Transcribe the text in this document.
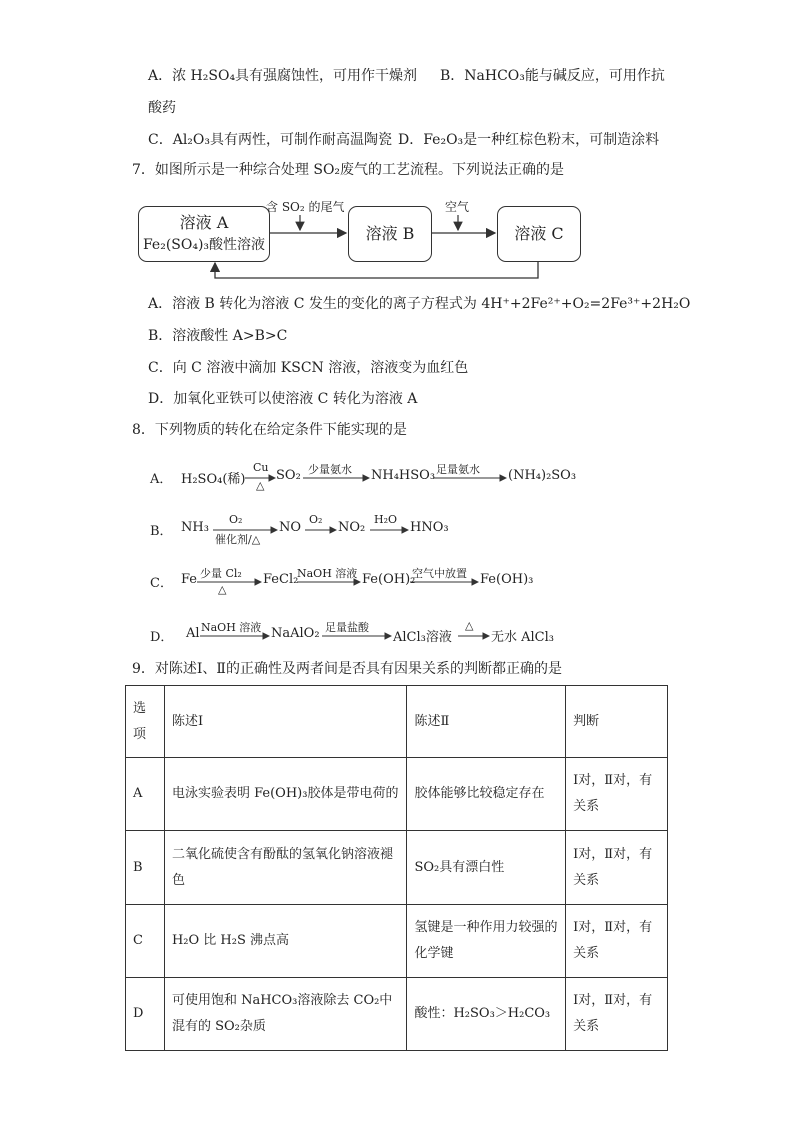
A．浓 H₂SO₄具有强腐蚀性，可用作干燥剂 B．NaHCO₃能与碱反应，可用作抗
酸药
C．Al₂O₃具有两性，可制作耐高温陶瓷 D．Fe₂O₃是一种红棕色粉末，可制造涂料
7．如图所示是一种综合处理 SO₂废气的工艺流程。下列说法正确的是
溶液 A
Fe₂(SO₄)₃酸性溶液
溶液 B	溶液 C
含 SO₂ 的尾气	空气
A．溶液 B 转化为溶液 C 发生的变化的离子方程式为 4H⁺+2Fe²⁺+O₂=2Fe³⁺+2H₂O
B．溶液酸性 A>B>C
C．向 C 溶液中滴加 KSCN 溶液，溶液变为血红色
D．加氧化亚铁可以使溶液 C 转化为溶液 A
8．下列物质的转化在给定条件下能实现的是
A． H₂SO₄(稀)
Cu
△
SO₂ 少量氨水 NH₄HSO₃ 足量氨水 (NH₄)₂SO₃
B． NH₃
O₂
催化剂/△
NO
O₂
NO₂
H₂O
HNO₃
C． Fe 少量 Cl₂
△
FeCl₂
NaOH 溶液 Fe(OH)₂
空气中放置 Fe(OH)₃
D． Al NaOH 溶液 NaAlO₂ 足量盐酸
AlCl₃溶液
△
无水 AlCl₃
9．对陈述Ⅰ、Ⅱ的正确性及两者间是否具有因果关系的判断都正确的是
选项	陈述Ⅰ	陈述Ⅱ	判断
A	电泳实验表明 Fe(OH)₃胶体是带电荷的	胶体能够比较稳定存在	Ⅰ对，Ⅱ对，有关系
B	二氧化硫使含有酚酞的氢氧化钠溶液褪色	SO₂具有漂白性	Ⅰ对，Ⅱ对，有关系
C	H₂O 比 H₂S 沸点高	氢键是一种作用力较强的化学键	Ⅰ对，Ⅱ对，有关系
D	可使用饱和 NaHCO₃溶液除去 CO₂中混有的 SO₂杂质	酸性：H₂SO₃＞H₂CO₃	Ⅰ对，Ⅱ对，有关系
